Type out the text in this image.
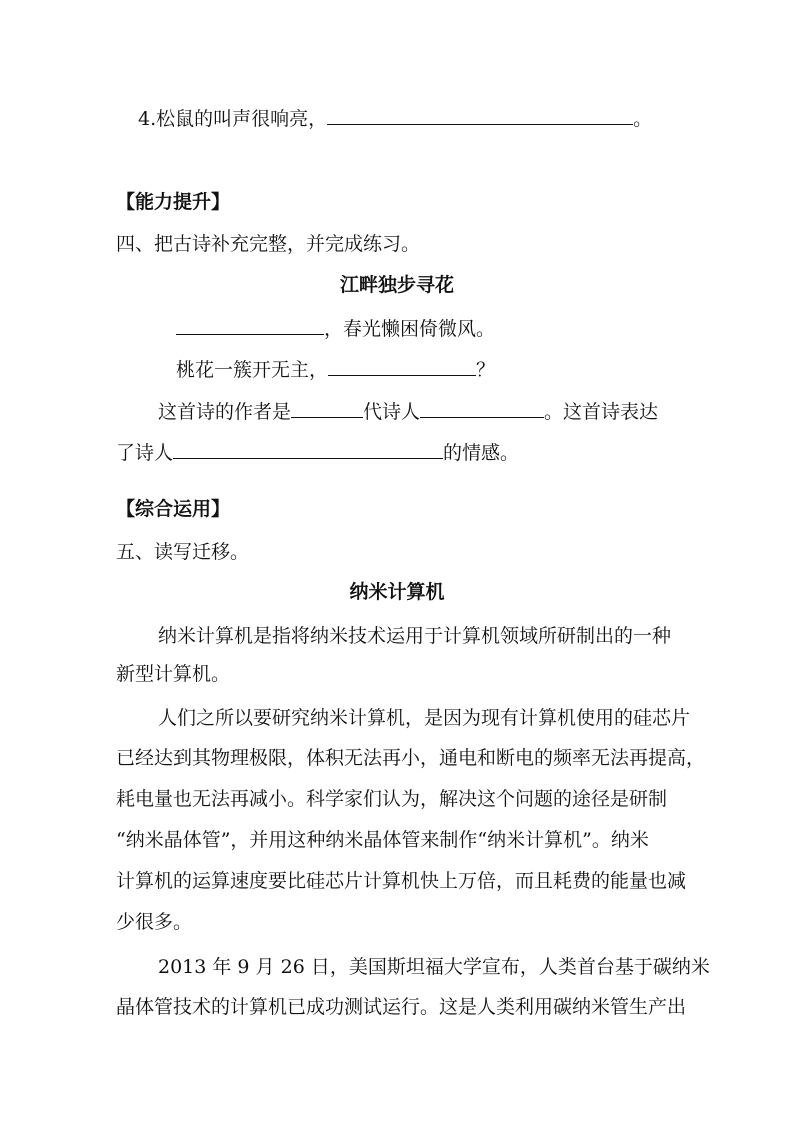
4.松鼠的叫声很响亮，	。
【能力提升】
四、把古诗补充完整，并完成练习。
江畔独步寻花
，春光懒困倚微风。
桃花一簇开无主，	？
这首诗的作者是	代诗人	。这首诗表达
了诗人	的情感。
【综合运用】
五、读写迁移。
纳米计算机
纳米计算机是指将纳米技术运用于计算机领域所研制出的一种
新型计算机。
人们之所以要研究纳米计算机，是因为现有计算机使用的硅芯片
已经达到其物理极限，体积无法再小，通电和断电的频率无法再提高，
耗电量也无法再减小。科学家们认为，解决这个问题的途径是研制
“纳米晶体管”，并用这种纳米晶体管来制作“纳米计算机”。纳米
计算机的运算速度要比硅芯片计算机快上万倍，而且耗费的能量也减
少很多。
2013 年 9 月 26 日，美国斯坦福大学宣布，人类首台基于碳纳米
晶体管技术的计算机已成功测试运行。这是人类利用碳纳米管生产出
